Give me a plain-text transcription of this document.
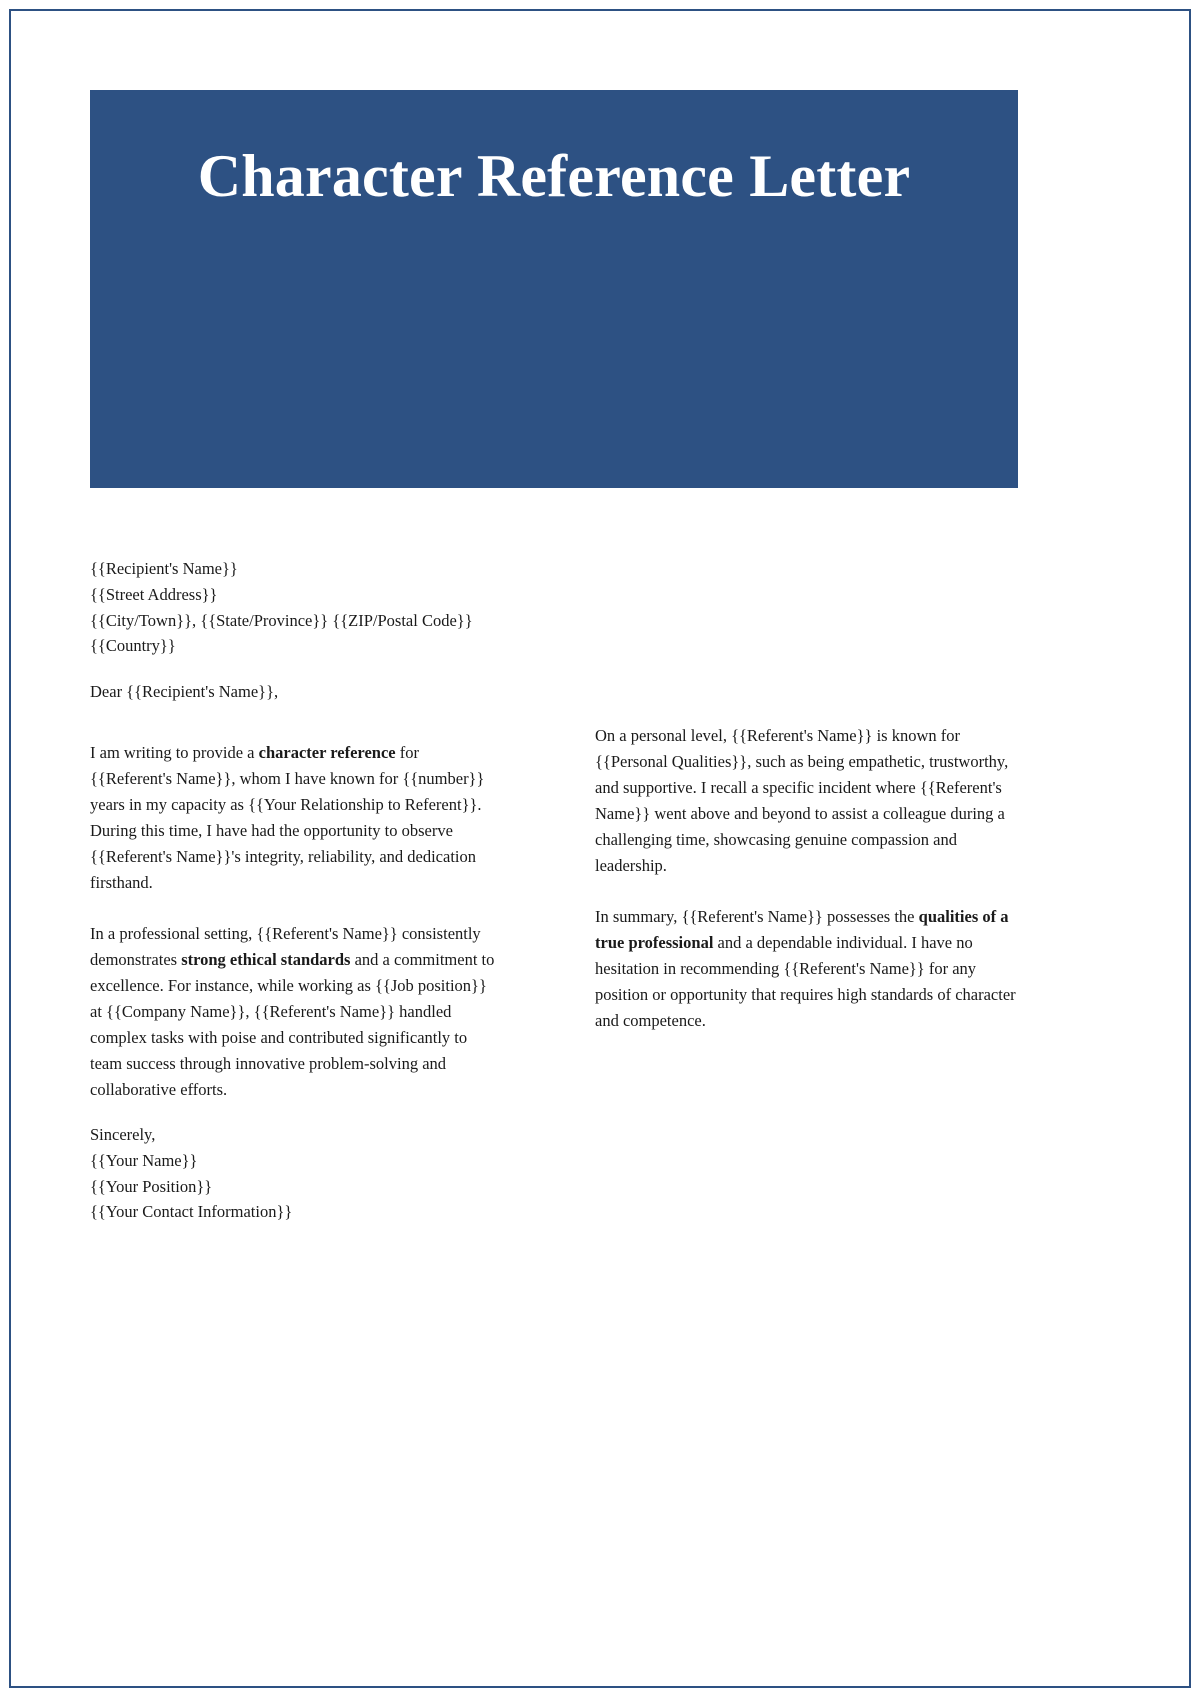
Character Reference Letter
{{Recipient's Name}}
{{Street Address}}
{{City/Town}}, {{State/Province}} {{ZIP/Postal Code}}
{{Country}}
Dear {{Recipient's Name}},

I am writing to provide a character reference for {{Referent's Name}}, whom I have known for {{number}} years in my capacity as {{Your Relationship to Referent}}. During this time, I have had the opportunity to observe {{Referent's Name}}'s integrity, reliability, and dedication firsthand.

In a professional setting, {{Referent's Name}} consistently demonstrates strong ethical standards and a commitment to excellence. For instance, while working as {{Job position}} at {{Company Name}}, {{Referent's Name}} handled complex tasks with poise and contributed significantly to team success through innovative problem-solving and collaborative efforts.

On a personal level, {{Referent's Name}} is known for {{Personal Qualities}}, such as being empathetic, trustworthy, and supportive. I recall a specific incident where {{Referent's Name}} went above and beyond to assist a colleague during a challenging time, showcasing genuine compassion and leadership.

In summary, {{Referent's Name}} possesses the qualities of a true professional and a dependable individual. I have no hesitation in recommending {{Referent's Name}} for any position or opportunity that requires high standards of character and competence.

Sincerely,
{{Your Name}}
{{Your Position}}
{{Your Contact Information}}
